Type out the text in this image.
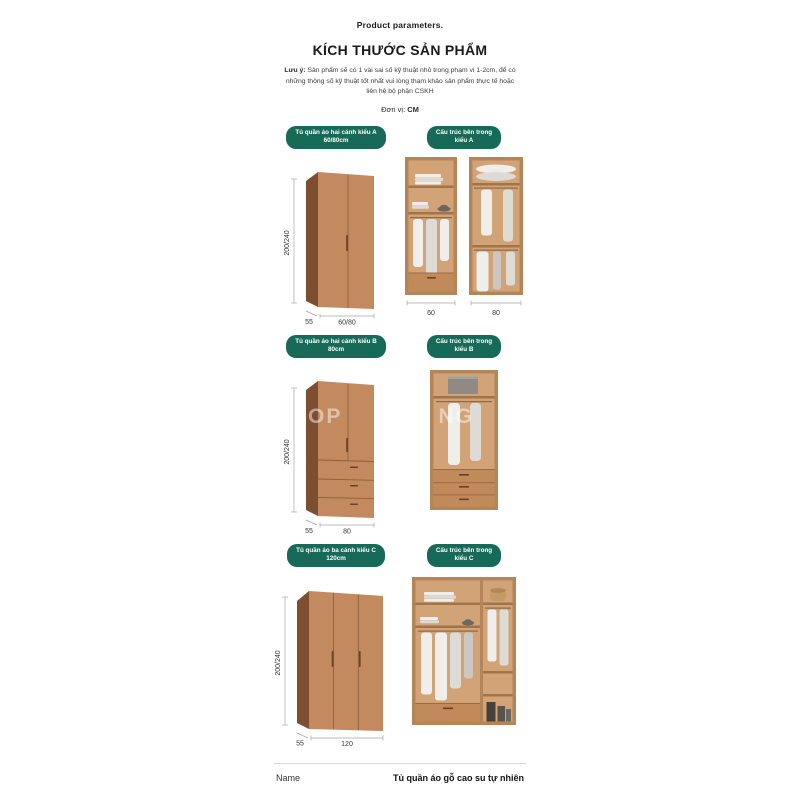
Product parameters.
KÍCH THƯỚC SẢN PHẨM

Lưu ý: Sản phẩm sẽ có 1 vài sai số kỹ thuật nhỏ trong phạm vi 1-2cm, để có những thông số kỹ thuật tốt nhất vui lòng tham khảo sản phẩm thực tế hoặc liên hệ bộ phận CSKH

Đơn vị: CM

Tủ quần áo hai cánh kiểu A
60/80cm
200/240
55	60/80
Cấu trúc bên trong
kiểu A
60	80
OP	NG
Tủ quần áo hai cánh kiểu B
80cm
200/240
55	80
Cấu trúc bên trong
kiểu B
Tủ quần áo ba cánh kiểu C
120cm
200/240
55	120
Cấu trúc bên trong
kiểu C
Name	Tủ quần áo gỗ cao su tự nhiên
